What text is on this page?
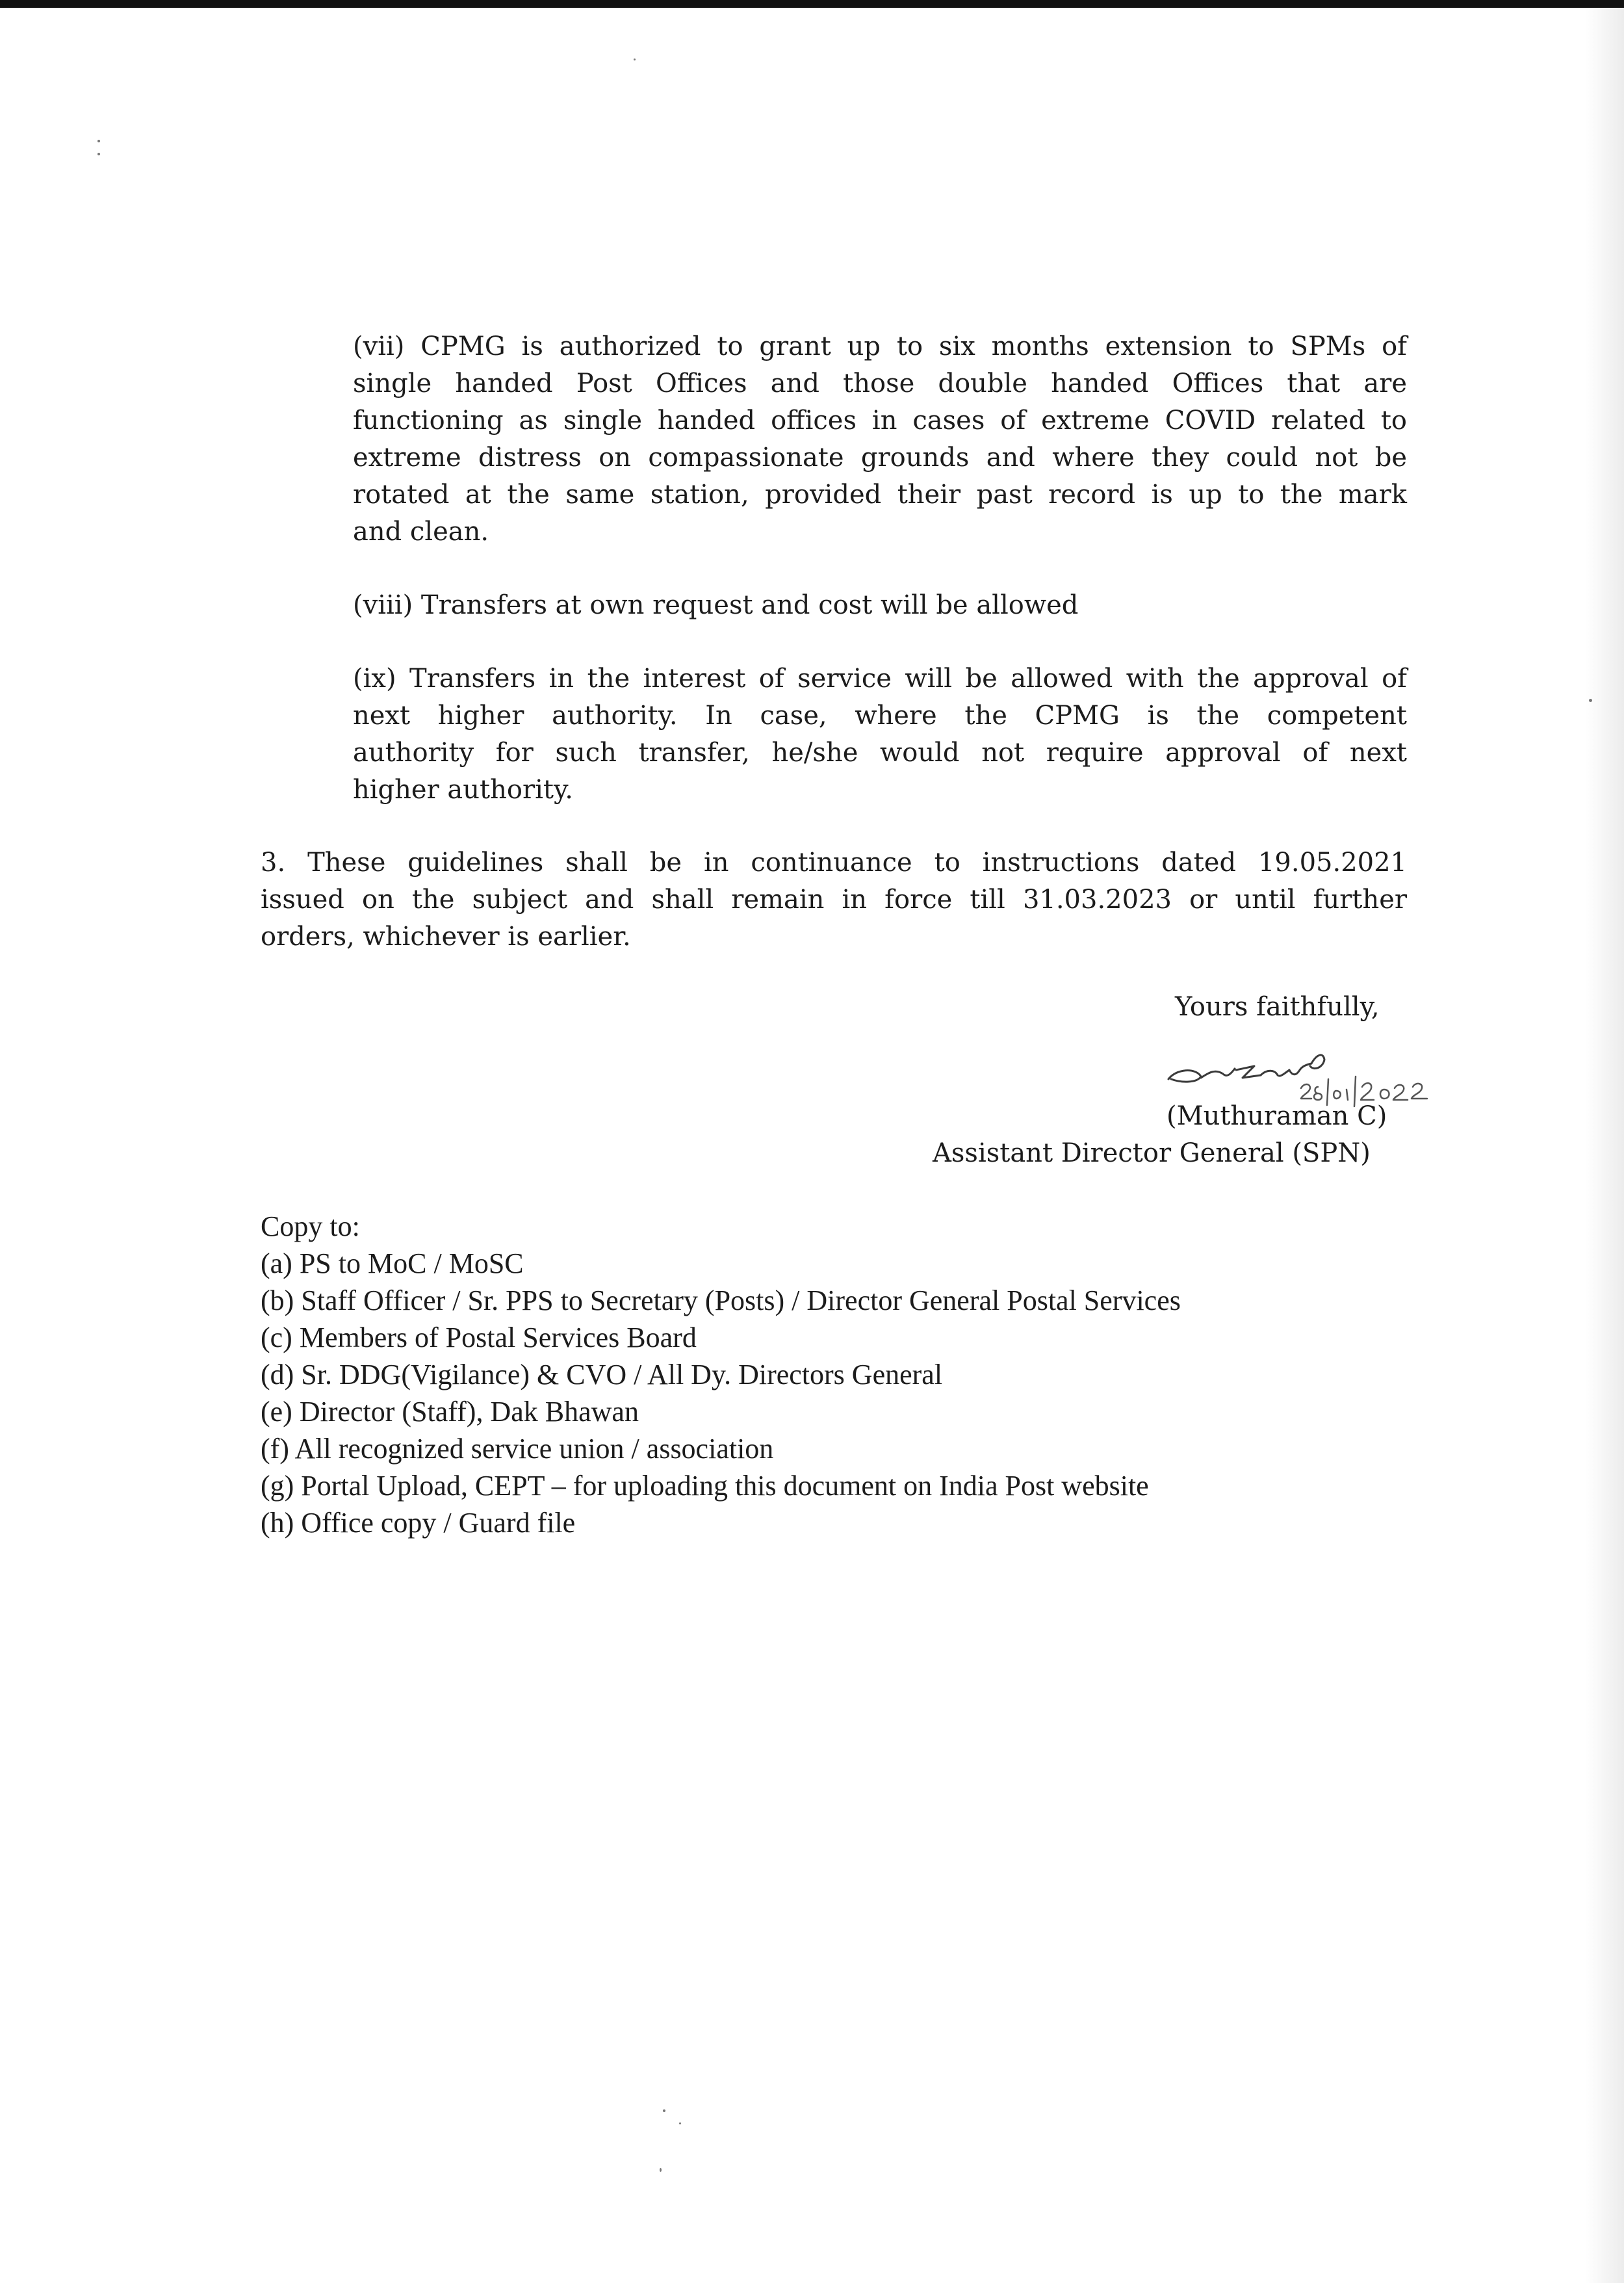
(vii) CPMG is authorized to grant up to six months extension to SPMs of
single handed Post Offices and those double handed Offices that are
functioning as single handed offices in cases of extreme COVID related to
extreme distress on compassionate grounds and where they could not be
rotated at the same station, provided their past record is up to the mark
and clean.
(viii) Transfers at own request and cost will be allowed
(ix) Transfers in the interest of service will be allowed with the approval of
next higher authority. In case, where the CPMG is the competent
authority for such transfer, he/she would not require approval of next
higher authority.
3. These guidelines shall be in continuance to instructions dated 19.05.2021
issued on the subject and shall remain in force till 31.03.2023 or until further
orders, whichever is earlier.
Yours faithfully,
(Muthuraman C)
Assistant Director General (SPN)
Copy to:
(a) PS to MoC / MoSC
(b) Staff Officer / Sr. PPS to Secretary (Posts) / Director General Postal Services
(c) Members of Postal Services Board
(d) Sr. DDG(Vigilance) & CVO / All Dy. Directors General
(e) Director (Staff), Dak Bhawan
(f) All recognized service union / association
(g) Portal Upload, CEPT – for uploading this document on India Post website
(h) Office copy / Guard file
